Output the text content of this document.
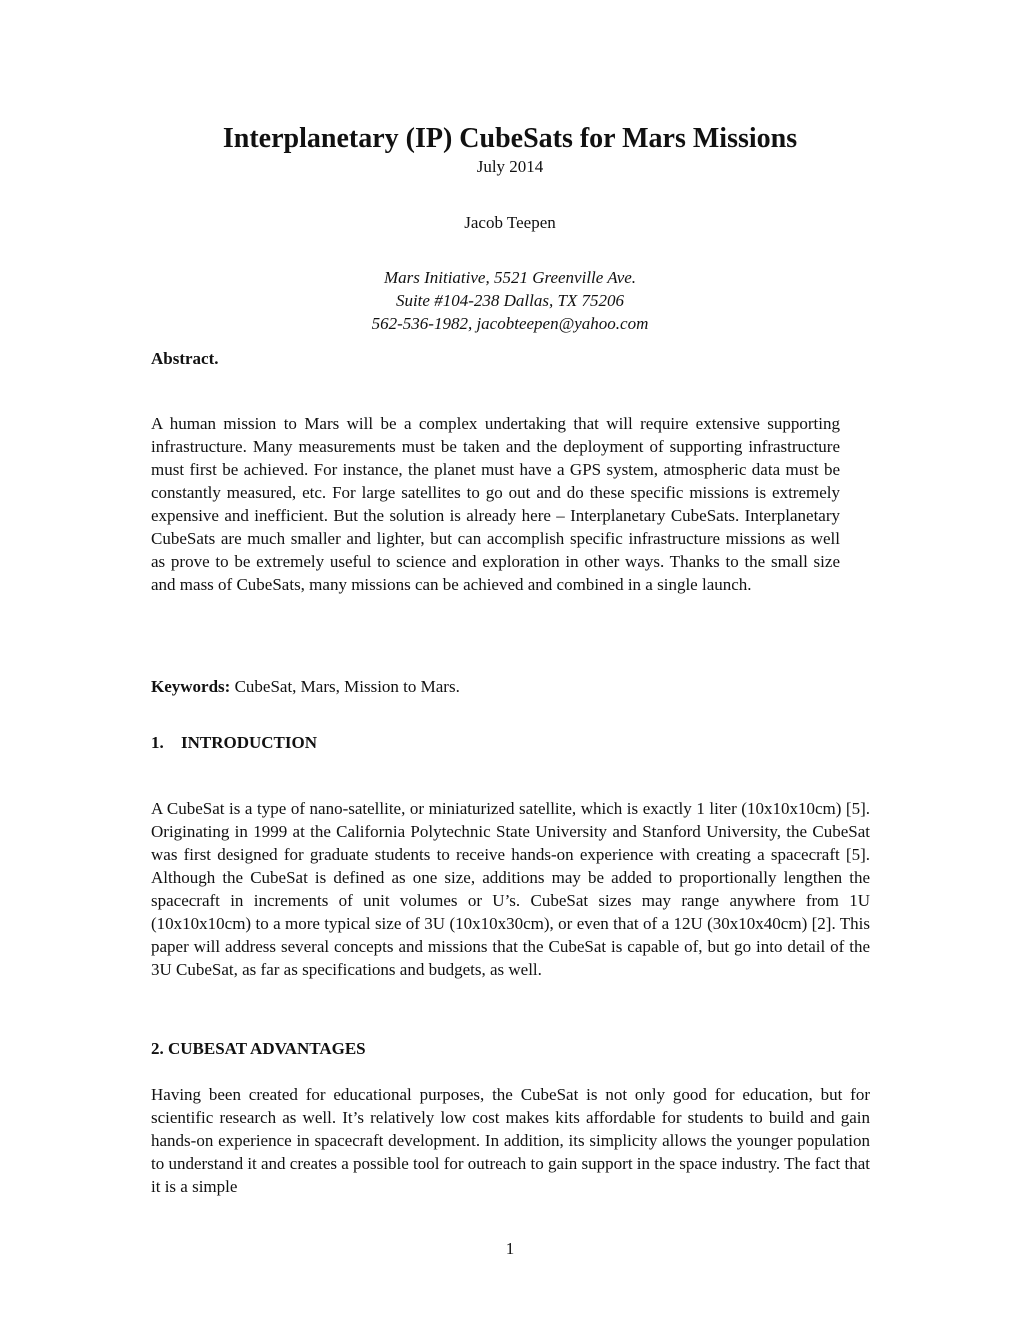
Interplanetary (IP) CubeSats for Mars Missions
July 2014
Jacob Teepen
Mars Initiative, 5521 Greenville Ave.
Suite #104-238 Dallas, TX 75206
562-536-1982, jacobteepen@yahoo.com
Abstract.

A human mission to Mars will be a complex undertaking that will require extensive supporting infrastructure. Many measurements must be taken and the deployment of supporting infrastructure must first be achieved. For instance, the planet must have a GPS system, atmospheric data must be constantly measured, etc. For large satellites to go out and do these specific missions is extremely expensive and inefficient. But the solution is already here – Interplanetary CubeSats. Interplanetary CubeSats are much smaller and lighter, but can accomplish specific infrastructure missions as well as prove to be extremely useful to science and exploration in other ways. Thanks to the small size and mass of CubeSats, many missions can be achieved and combined in a single launch.

Keywords: CubeSat, Mars, Mission to Mars.
1. INTRODUCTION

A CubeSat is a type of nano-satellite, or miniaturized satellite, which is exactly 1 liter (10x10x10cm) [5]. Originating in 1999 at the California Polytechnic State University and Stanford University, the CubeSat was first designed for graduate students to receive hands-on experience with creating a spacecraft [5]. Although the CubeSat is defined as one size, additions may be added to proportionally lengthen the spacecraft in increments of unit volumes or U’s. CubeSat sizes may range anywhere from 1U (10x10x10cm) to a more typical size of 3U (10x10x30cm), or even that of a 12U (30x10x40cm) [2]. This paper will address several concepts and missions that the CubeSat is capable of, but go into detail of the 3U CubeSat, as far as specifications and budgets, as well.

2. CUBESAT ADVANTAGES

Having been created for educational purposes, the CubeSat is not only good for education, but for scientific research as well. It’s relatively low cost makes kits affordable for students to build and gain hands-on experience in spacecraft development. In addition, its simplicity allows the younger population to understand it and creates a possible tool for outreach to gain support in the space industry. The fact that it is a simple

1
